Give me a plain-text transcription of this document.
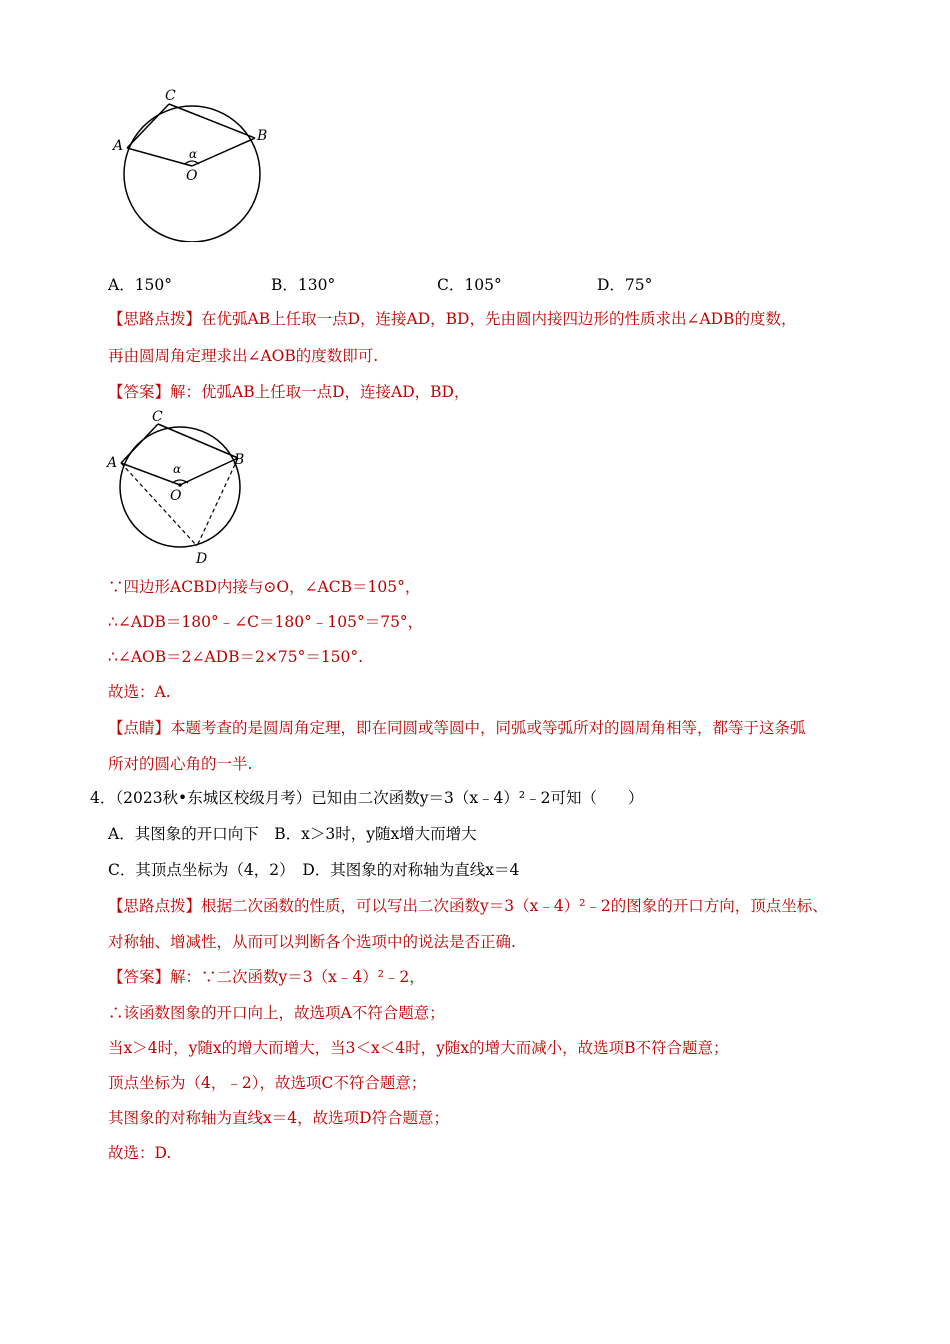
C
A
B
α
O
A．150°	B．130°	C．105°	D．75°
【思路点拨】在优弧AB上任取一点D，连接AD，BD，先由圆内接四边形的性质求出∠ADB的度数，
再由圆周角定理求出∠AOB的度数即可.
【答案】解：优弧AB上任取一点D，连接AD，BD，
C
A	B
α
O
D
∵四边形ACBD内接与⊙O，∠ACB＝105°，
∴∠ADB＝180°﹣∠C＝180°﹣105°＝75°，
∴∠AOB＝2∠ADB＝2×75°＝150°.
故选：A.
【点睛】本题考查的是圆周角定理，即在同圆或等圆中，同弧或等弧所对的圆周角相等，都等于这条弧
所对的圆心角的一半.
4．（2023秋•东城区校级月考）已知由二次函数y＝3（x﹣4）²﹣2可知（　　）
A．其图象的开口向下　B．x＞3时，y随x增大而增大
C．其顶点坐标为（4，2）　D．其图象的对称轴为直线x＝4
【思路点拨】根据二次函数的性质，可以写出二次函数y＝3（x﹣4）²﹣2的图象的开口方向，顶点坐标、
对称轴、增减性，从而可以判断各个选项中的说法是否正确.
【答案】解：∵二次函数y＝3（x﹣4）²﹣2，
∴该函数图象的开口向上，故选项A不符合题意；
当x＞4时，y随x的增大而增大，当3＜x＜4时，y随x的增大而减小，故选项B不符合题意；
顶点坐标为（4，﹣2），故选项C不符合题意；
其图象的对称轴为直线x＝4，故选项D符合题意；
故选：D.
